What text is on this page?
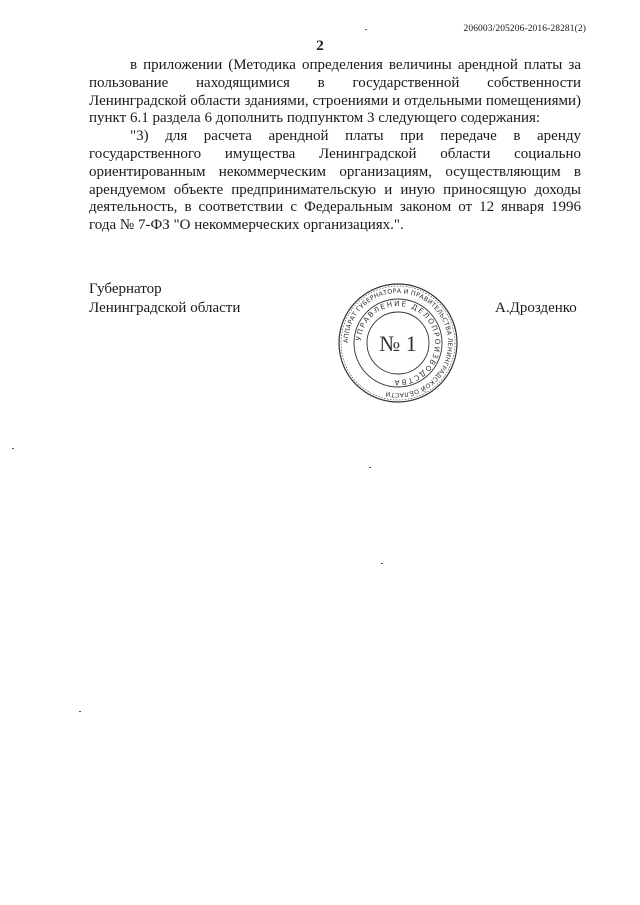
206003/205206-2016-28281(2)
2

в приложении (Методика определения величины арендной платы за пользование находящимися в государственной собственности Ленинградской области зданиями, строениями и отдельными помещениями) пункт 6.1 раздела 6 дополнить подпунктом 3 следующего содержания:

"3) для расчета арендной платы при передаче в аренду государственного имущества Ленинградской области социально ориентированным некоммерческим организациям, осуществляющим в арендуемом объекте предпринимательскую и иную приносящую доходы деятельность, в соответствии с Федеральным законом от 12 января 1996 года № 7-ФЗ "О некоммерческих организациях.".

Губернатор
Ленинградской области	А.Дрозденко
АППАРАТ ГУБЕРНАТОРА И ПРАВИТЕЛЬСТВА ЛЕНИНГРАДСКОЙ ОБЛАСТИ
УПРАВЛЕНИЕ ДЕЛОПРОИЗВОДСТВА
№ 1
